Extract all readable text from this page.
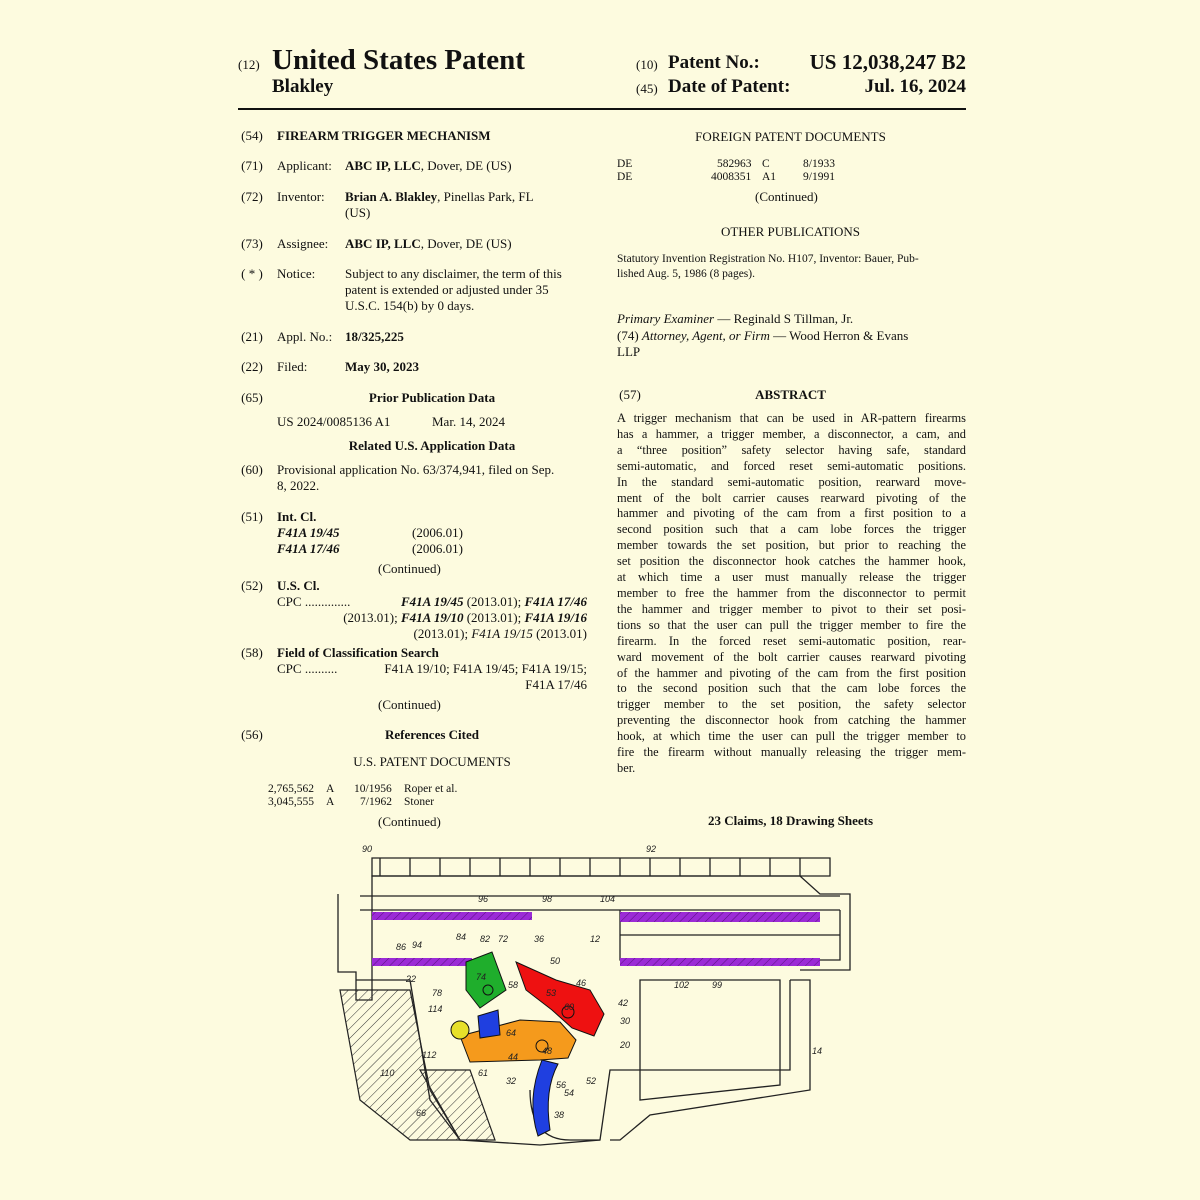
(12) United States Patent
Blakley
(10) Patent No.:	US 12,038,247 B2
(45) Date of Patent:	Jul. 16, 2024
(54)	FIREARM TRIGGER MECHANISM
(71)	Applicant: ABC IP, LLC, Dover, DE (US)
(72)	Inventor: Brian A. Blakley, Pinellas Park, FL
(US)
(73)	Assignee: ABC IP, LLC, Dover, DE (US)
( * )	Notice: Subject to any disclaimer, the term of this
patent is extended or adjusted under 35
U.S.C. 154(b) by 0 days.
(21)	Appl. No.: 18/325,225
(22)	Filed:	May 30, 2023
(65)	Prior Publication Data
US 2024/0085136 A1	Mar. 14, 2024
Related U.S. Application Data
(60)	Provisional application No. 63/374,941, filed on Sep.
8, 2022.
(51)	Int. Cl.
F41A 19/45	(2006.01)
F41A 17/46	(2006.01)
(Continued)
(52)	U.S. Cl.
CPC ..............	F41A 19/45 (2013.01); F41A 17/46
(2013.01); F41A 19/10 (2013.01); F41A 19/16
(2013.01); F41A 19/15 (2013.01)
(58)	Field of Classification Search
CPC ..........	F41A 19/10; F41A 19/45; F41A 19/15;
F41A 17/46
(Continued)
(56)	References Cited
U.S. PATENT DOCUMENTS
2,765,562 A 10/1956 Roper et al.
3,045,555 A 7/1962 Stoner
(Continued)
FOREIGN PATENT DOCUMENTS
DE	582963 C	8/1933
DE	4008351 A1 9/1991
(Continued)
OTHER PUBLICATIONS
Statutory Invention Registration No. H107, Inventor: Bauer, Pub-
lished Aug. 5, 1986 (8 pages).
Primary Examiner — Reginald S Tillman, Jr.
(74) Attorney, Agent, or Firm — Wood Herron & Evans
LLP
(57)	ABSTRACT
A trigger mechanism that can be used in AR-pattern firearms
has a hammer, a trigger member, a disconnector, a cam, and
a “three position” safety selector having safe, standard
semi-automatic, and forced reset semi-automatic positions.
In the standard semi-automatic position, rearward move-
ment of the bolt carrier causes rearward pivoting of the
hammer and pivoting of the cam from a first position to a
second position such that a cam lobe forces the trigger
member towards the set position, but prior to reaching the
set position the disconnector hook catches the hammer hook,
at which time a user must manually release the trigger
member to free the hammer from the disconnector to permit
the hammer and trigger member to pivot to their set posi-
tions so that the user can pull the trigger member to fire the
firearm. In the forced reset semi-automatic position, rear-
ward movement of the bolt carrier causes rearward pivoting
of the hammer and pivoting of the cam from the first position
to the second position such that the cam lobe forces the
trigger member to the set position, the safety selector
preventing the disconnector hook from catching the hammer
hook, at which time the user can pull the trigger member to
fire the firearm without manually releasing the trigger mem-
ber.
23 Claims, 18 Drawing Sheets
90	92
96	98	104
84 82 72	36	12
86 94
74
50
46
58
53
60	42
30
20
22
78
114
64
44
48
102	99
14
112
110	61
32
54
56 52
38
66
